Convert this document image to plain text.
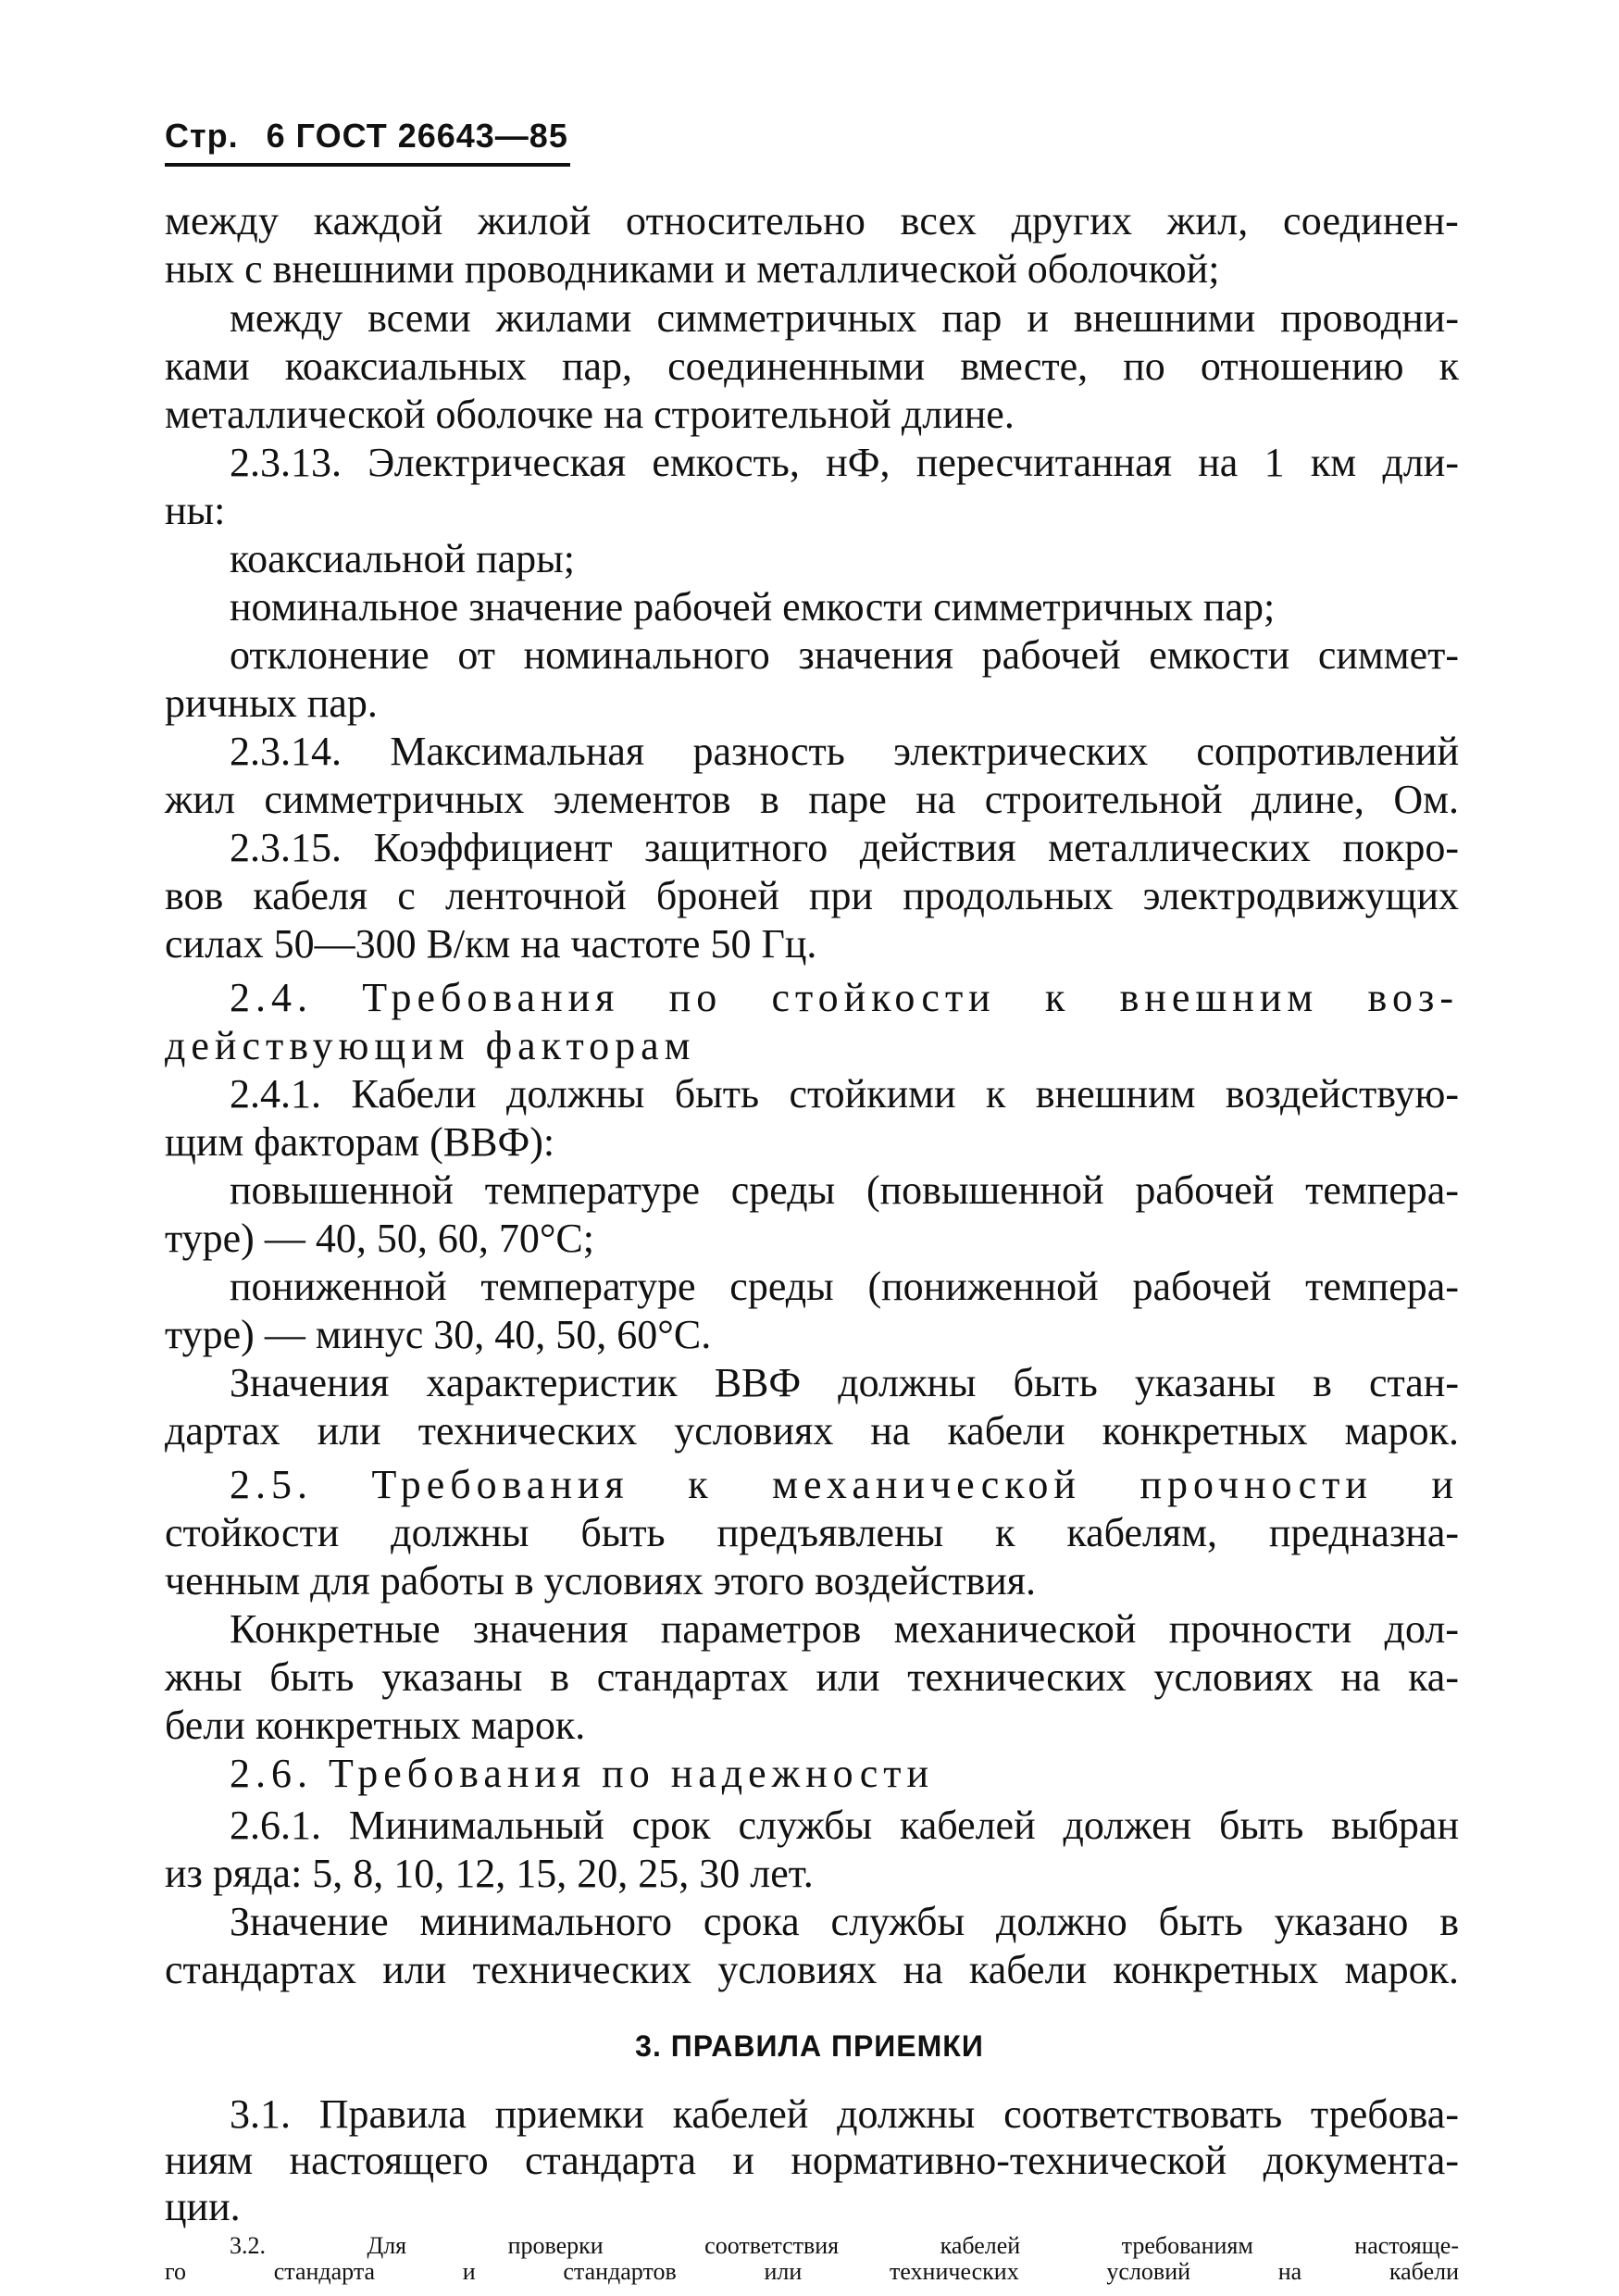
Стр. 6 ГОСТ 26643—85
между каждой жилой относительно всех других жил, соединен-
ных с внешними проводниками и металлической оболочкой;
между всеми жилами симметричных пар и внешними проводни-
ками коаксиальных пар, соединенными вместе, по отношению к
металлической оболочке на строительной длине.
2.3.13. Электрическая емкость, нФ, пересчитанная на 1 км дли-
ны:
коаксиальной пары;
номинальное значение рабочей емкости симметричных пар;
отклонение от номинального значения рабочей емкости симмет-
ричных пар.
2.3.14. Максимальная разность электрических сопротивлений
жил симметричных элементов в паре на строительной длине, Ом.
2.3.15. Коэффициент защитного действия металлических покро-
вов кабеля с ленточной броней при продольных электродвижущих
силах 50—300 В/км на частоте 50 Гц.
2.4. Требования по стойкости к внешним воз-
действующим факторам
2.4.1. Кабели должны быть стойкими к внешним воздействую-
щим факторам (ВВФ):
повышенной температуре среды (повышенной рабочей темпера-
туре) — 40, 50, 60, 70°С;
пониженной температуре среды (пониженной рабочей темпера-
туре) — минус 30, 40, 50, 60°С.
Значения характеристик ВВФ должны быть указаны в стан-
дартах или технических условиях на кабели конкретных марок.
2.5. Требования к механической прочности и
стойкости должны быть предъявлены к кабелям, предназна-
ченным для работы в условиях этого воздействия.
Конкретные значения параметров механической прочности дол-
жны быть указаны в стандартах или технических условиях на ка-
бели конкретных марок.
2.6. Требования по надежности
2.6.1. Минимальный срок службы кабелей должен быть выбран
из ряда: 5, 8, 10, 12, 15, 20, 25, 30 лет.
Значение минимального срока службы должно быть указано в
стандартах или технических условиях на кабели конкретных марок.
3. ПРАВИЛА ПРИЕМКИ
3.1. Правила приемки кабелей должны соответствовать требова-
ниям настоящего стандарта и нормативно-технической документа-
ции.
3.2. Для проверки соответствия кабелей требованиям настояще-
го стандарта и стандартов или технических условий на кабели
